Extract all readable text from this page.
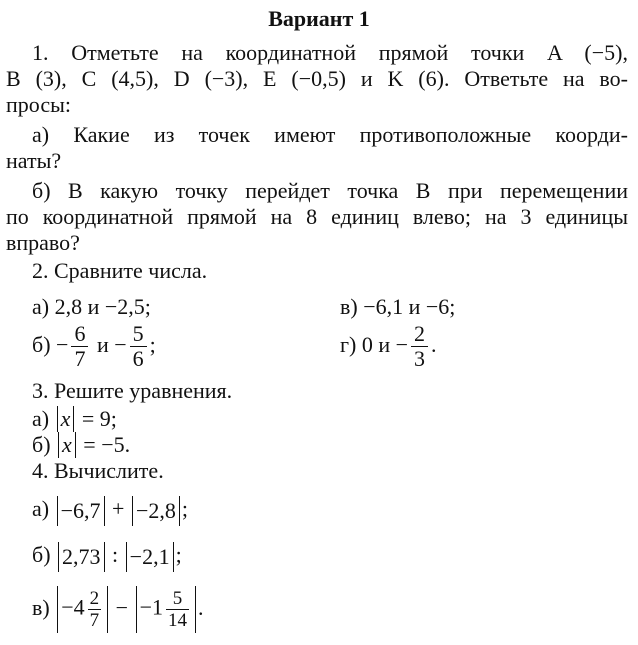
Вариант 1
1. Отметьте на координатной прямой точки A (−5),
B (3), C (4,5), D (−3), E (−0,5) и K (6). Ответьте на во-
просы:
а) Какие из точек имеют противоположные коорди-
наты?
б) В какую точку перейдет точка B при перемещении
по координатной прямой на 8 единиц влево; на 3 единицы
вправо?
2. Сравните числа.
а) 2,8 и −2,5;	в) −6,1 и −6;
$б) - \frac{6}{7}$ $и - \frac{5}{6}$ ;	г) 0 $и - \frac{2}{3}$ .
3. Решите уравнения.
а) x = 9;
б) x = −5.
4. Вычислите.
а) −6,7 + −2,8 ;
б) 2,73 : −2,1 ;
$в) -4 \frac{2}{7} - -1 \frac{5}{14}$ .
